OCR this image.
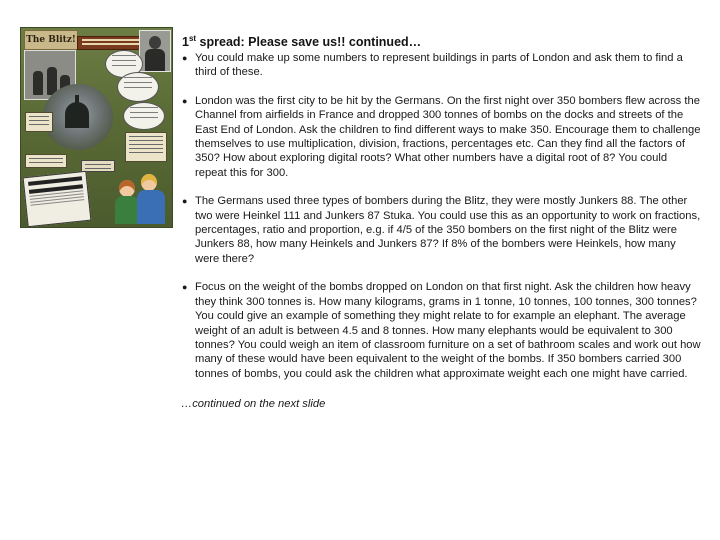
The Blitz!	1st spread: Please save us!! continued…
● You could make up some numbers to represent buildings in parts of London and ask them to find a third of these.
● London was the first city to be hit by the Germans. On the first night over 350 bombers flew across the Channel from airfields in France and dropped 300 tonnes of bombs on the docks and streets of the East End of London. Ask the children to find different ways to make 350. Encourage them to challenge themselves to use multiplication, division, fractions, percentages etc. Can they find all the factors of 350? How about exploring digital roots? What other numbers have a digital root of 8? You could repeat this for 300.
● The Germans used three types of bombers during the Blitz, they were mostly Junkers 88. The other two were Heinkel 111 and Junkers 87 Stuka. You could use this as an opportunity to work on fractions, percentages, ratio and proportion, e.g. if 4/5 of the 350 bombers on the first night of the Blitz were Junkers 88, how many Heinkels and Junkers 87? If 8% of the bombers were Heinkels, how many were there?
● Focus on the weight of the bombs dropped on London on that first night. Ask the children how heavy they think 300 tonnes is. How many kilograms, grams in 1 tonne, 10 tonnes, 100 tonnes, 300 tonnes? You could give an example of something they might relate to for example an elephant. The average weight of an adult is between 4.5 and 8 tonnes. How many elephants would be equivalent to 300 tonnes? You could weigh an item of classroom furniture on a set of bathroom scales and work out how many of these would have been equivalent to the weight of the bombs. If 350 bombers carried 300 tonnes of bombs, you could ask the children what approximate weight each one might have carried.
…continued on the next slide
